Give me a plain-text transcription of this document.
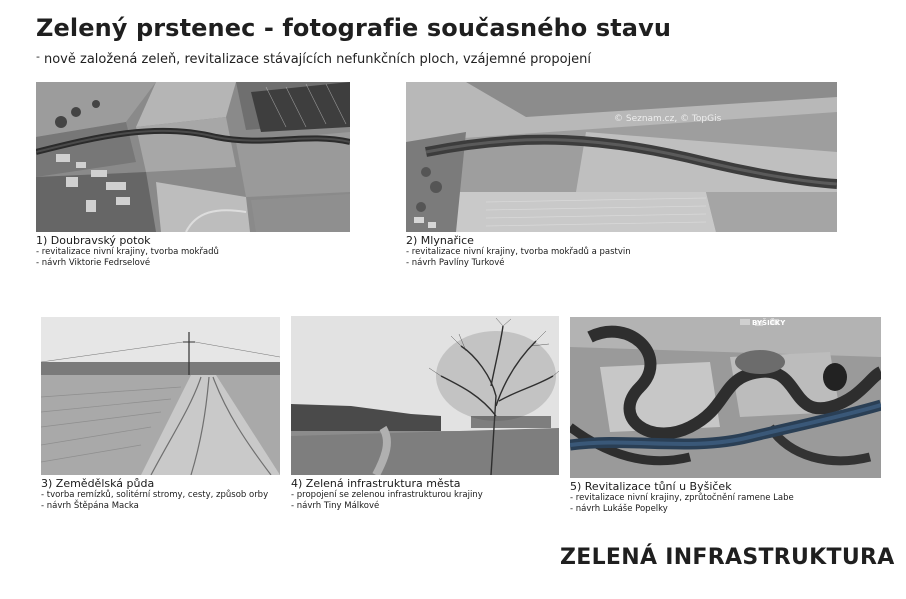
Zelený prstenec - fotografie současného stavu
- nově založená zeleň, revitalizace stávajících nefunkčních ploch, vzájemné propojení
1) Doubravský potok
- revitalizace nivní krajiny, tvorba mokřadů
- návrh Viktorie Fedrselové
© Seznam.cz, © TopGis
2) Mlynařice
- revitalizace nivní krajiny, tvorba mokřadů a pastvin
- návrh Pavlíny Turkové
3) Zemědělská půda
- tvorba remízků, solitérní stromy, cesty, způsob orby
- návrh Štěpána Macka
4) Zelená infrastruktura města
- propojení se zelenou infrastrukturou krajiny
- návrh Tiny Málkové
BYŠIČKY
5) Revitalizace tůní u Byšiček
- revitalizace nivní krajiny, zprůtočnění ramene Labe
- návrh Lukáše Popelky
ZELENÁ INFRASTRUKTURA
